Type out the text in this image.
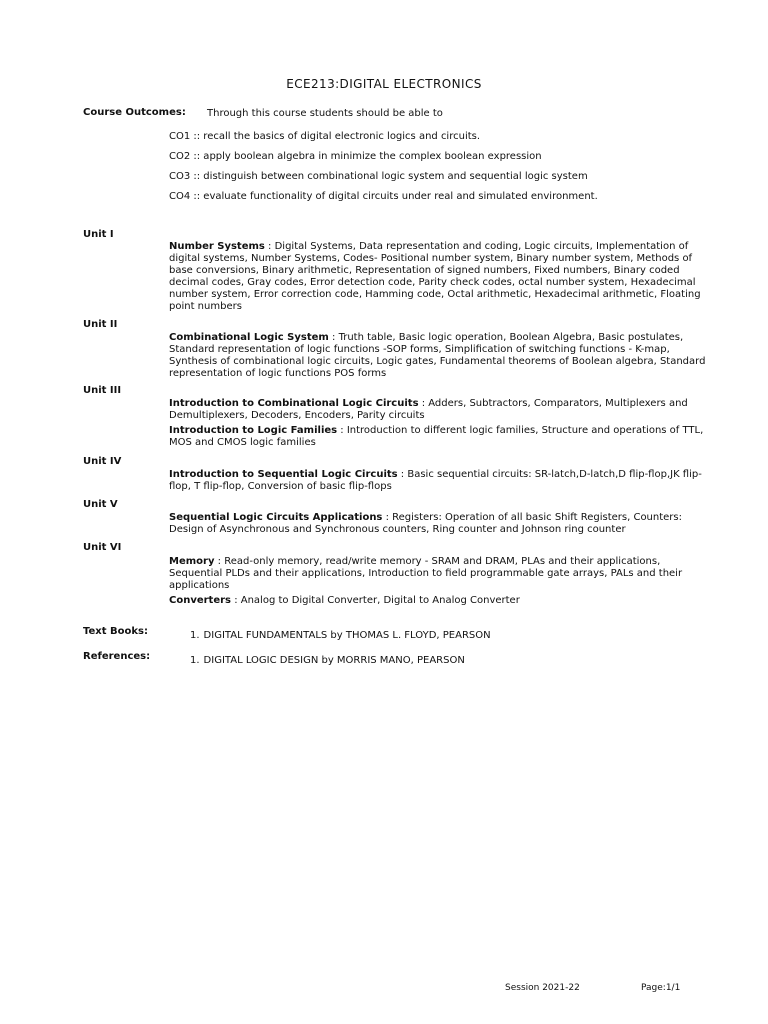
ECE213:DIGITAL ELECTRONICS
Course Outcomes: Through this course students should be able to
CO1 :: recall the basics of digital electronic logics and circuits.
CO2 :: apply boolean algebra in minimize the complex boolean expression
CO3 :: distinguish between combinational logic system and sequential logic system
CO4 :: evaluate functionality of digital circuits under real and simulated environment.
Unit I

Number Systems : Digital Systems, Data representation and coding, Logic circuits, Implementation of digital systems, Number Systems, Codes- Positional number system, Binary number system, Methods of base conversions, Binary arithmetic, Representation of signed numbers, Fixed numbers, Binary coded decimal codes, Gray codes, Error detection code, Parity check codes, octal number system, Hexadecimal number system, Error correction code, Hamming code, Octal arithmetic, Hexadecimal arithmetic, Floating point numbers

Unit II

Combinational Logic System : Truth table, Basic logic operation, Boolean Algebra, Basic postulates, Standard representation of logic functions -SOP forms, Simplification of switching functions - K-map, Synthesis of combinational logic circuits, Logic gates, Fundamental theorems of Boolean algebra, Standard representation of logic functions POS forms

Unit III

Introduction to Combinational Logic Circuits : Adders, Subtractors, Comparators, Multiplexers and Demultiplexers, Decoders, Encoders, Parity circuits

Introduction to Logic Families : Introduction to different logic families, Structure and operations of TTL, MOS and CMOS logic families

Unit IV

Introduction to Sequential Logic Circuits : Basic sequential circuits: SR-latch,D-latch,D flip-flop,JK flip- flop, T flip-flop, Conversion of basic flip-flops

Unit V

Sequential Logic Circuits Applications : Registers: Operation of all basic Shift Registers, Counters: Design of Asynchronous and Synchronous counters, Ring counter and Johnson ring counter

Unit VI

Memory : Read-only memory, read/write memory - SRAM and DRAM, PLAs and their applications, Sequential PLDs and their applications, Introduction to field programmable gate arrays, PALs and their applications

Converters : Analog to Digital Converter, Digital to Analog Converter

Text Books:	1. DIGITAL FUNDAMENTALS by THOMAS L. FLOYD, PEARSON
References:	1. DIGITAL LOGIC DESIGN by MORRIS MANO, PEARSON
Session 2021-22	Page:1/1
